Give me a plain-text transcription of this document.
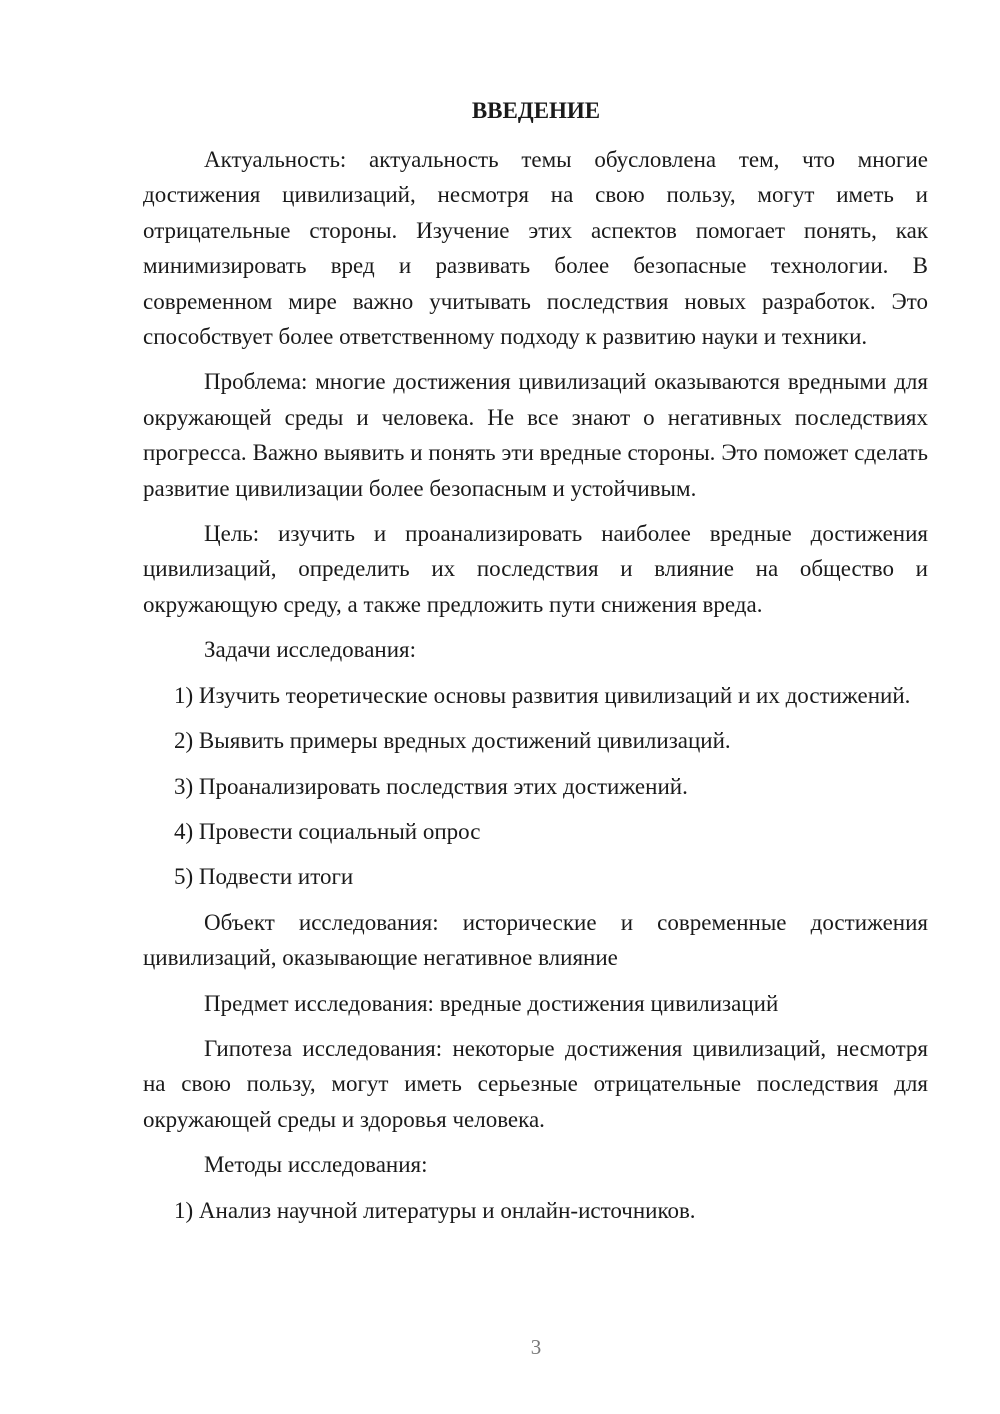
ВВЕДЕНИЕ

Актуальность: актуальность темы обусловлена тем, что многие достижения цивилизаций, несмотря на свою пользу, могут иметь и отрицательные стороны. Изучение этих аспектов помогает понять, как минимизировать вред и развивать более безопасные технологии. В современном мире важно учитывать последствия новых разработок. Это способствует более ответственному подходу к развитию науки и техники.

Проблема: многие достижения цивилизаций оказываются вредными для окружающей среды и человека. Не все знают о негативных последствиях прогресса. Важно выявить и понять эти вредные стороны. Это поможет сделать развитие цивилизации более безопасным и устойчивым.

Цель: изучить и проанализировать наиболее вредные достижения цивилизаций, определить их последствия и влияние на общество и окружающую среду, а также предложить пути снижения вреда.

Задачи исследования:

1) Изучить теоретические основы развития цивилизаций и их достижений.

2) Выявить примеры вредных достижений цивилизаций.

3) Проанализировать последствия этих достижений.

4) Провести социальный опрос

5) Подвести итоги

Объект исследования: исторические и современные достижения цивилизаций, оказывающие негативное влияние

Предмет исследования: вредные достижения цивилизаций

Гипотеза исследования: некоторые достижения цивилизаций, несмотря на свою пользу, могут иметь серьезные отрицательные последствия для окружающей среды и здоровья человека.

Методы исследования:

1) Анализ научной литературы и онлайн-источников.

3
